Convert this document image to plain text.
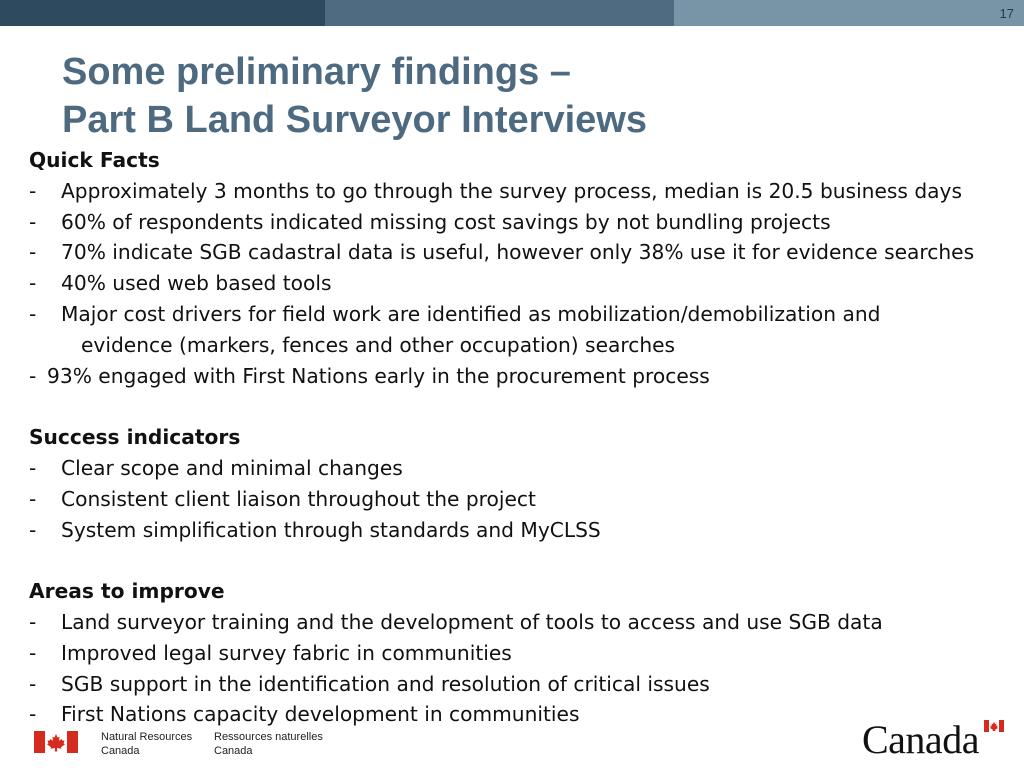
17
Some preliminary findings –
Part B Land Surveyor Interviews
Quick Facts
- Approximately 3 months to go through the survey process, median is 20.5 business days
- 60% of respondents indicated missing cost savings by not bundling projects
- 70% indicate SGB cadastral data is useful, however only 38% use it for evidence searches
- 40% used web based tools
- Major cost drivers for field work are identified as mobilization/demobilization and
evidence (markers, fences and other occupation) searches
- 93% engaged with First Nations early in the procurement process
Success indicators
- Clear scope and minimal changes
- Consistent client liaison throughout the project
- System simplification through standards and MyCLSS
Areas to improve
- Land surveyor training and the development of tools to access and use SGB data
- Improved legal survey fabric in communities
- SGB support in the identification and resolution of critical issues
- First Nations capacity development in communities
Natural Resources
Canada
Ressources naturelles
Canada	Canada
